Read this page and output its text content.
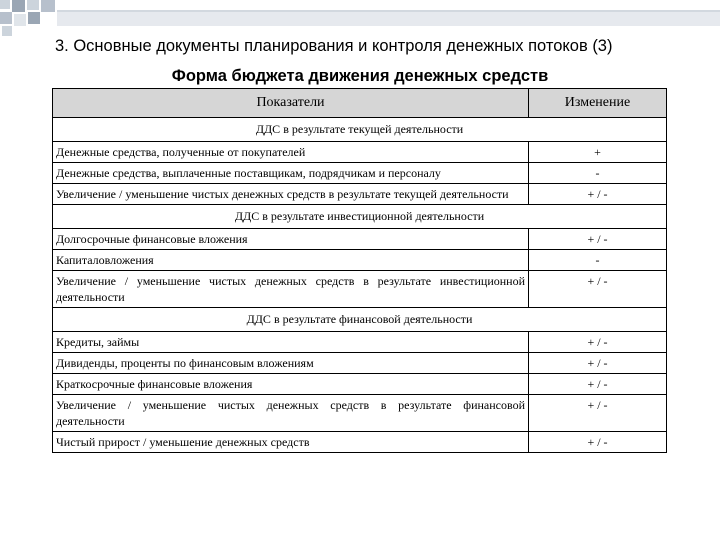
3. Основные документы планирования и контроля денежных потоков (3)
Форма бюджета движения денежных средств
Показатели	Изменение
ДДС в результате текущей деятельности	
Денежные средства, полученные от покупателей	+
Денежные средства, выплаченные поставщикам, подрядчикам и персоналу	-
Увеличение / уменьшение чистых денежных средств в результате текущей деятельности	+ / -
ДДС в результате инвестиционной деятельности	
Долгосрочные финансовые вложения	+ / -
Капиталовложения	-
Увеличение / уменьшение чистых денежных средств в результате инвестиционной деятельности	+ / -
ДДС в результате финансовой деятельности	
Кредиты, займы	+ / -
Дивиденды, проценты по финансовым вложениям	+ / -
Краткосрочные финансовые вложения	+ / -
Увеличение / уменьшение чистых денежных средств в результате финансовой деятельности	+ / -
Чистый прирост / уменьшение денежных средств	+ / -
